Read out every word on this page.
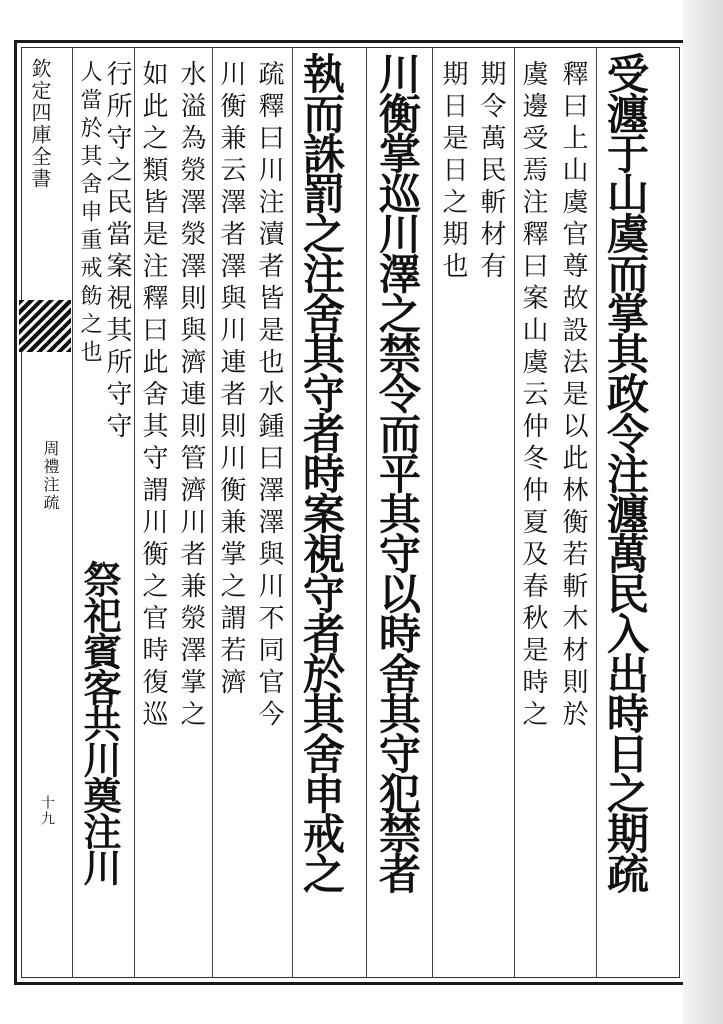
欽定四庫全書
周禮注疏
十九	受瀍于山虞而掌其政令注瀍萬民入出時日之期疏
釋曰上山虞官尊故設法是以此林衡若斬木材則於
虞邊受焉注釋曰案山虞云仲冬仲夏及春秋是時之
期令萬民斬材有
期日是日之期也
川衡掌巡川澤之禁令而平其守以時舍其守犯禁者
執而誅罰之注舍其守者時案視守者於其舍申戒之
疏釋曰川注瀆者皆是也水鍾曰澤澤與川不同官今
川衡兼云澤者澤與川連者則川衡兼掌之謂若濟
水溢為滎澤滎澤則與濟連則管濟川者兼滎澤掌之
如此之類皆是注釋曰此舍其守謂川衡之官時復巡
行所守之民當案視其所守守
人當於其舍申重戒飭之也
祭祀賓客共川奠注川
